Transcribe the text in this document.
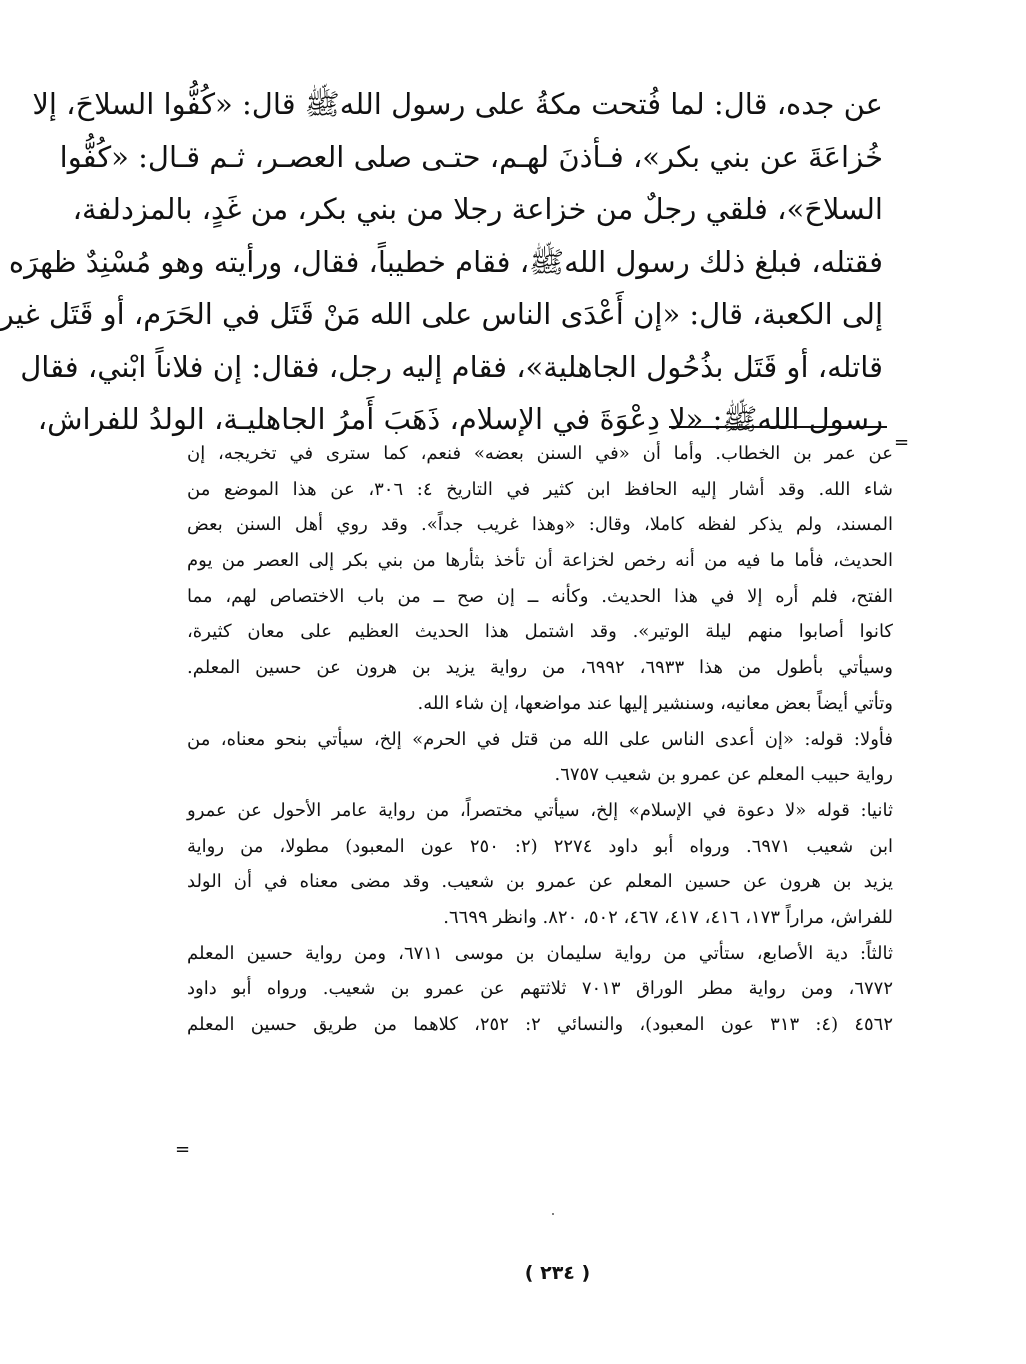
عن جده، قال: لما فُتحت مكةُ على رسول اللهﷺ قال: «كُفُّوا السلاحَ، إلا
خُزاعَةَ عن بني بكر»، فـأذنَ لهـم، حتـى صلى العصـر، ثـم قـال: «كُفُّوا
السلاحَ»، فلقي رجلٌ من خزاعة رجلا من بني بكر، من غَدٍ، بالمزدلفة،
فقتله، فبلغ ذلك رسول اللهﷺ، فقام خطيباً، فقال، ورأيته وهو مُسْنِدٌ ظهرَه
إلى الكعبة، قال: «إن أَعْدَى الناس على الله مَنْ قَتَل في الحَرَم، أو قَتَل غير
قاتله، أو قَتَل بذُحُول الجاهلية»، فقام إليه رجل، فقال: إن فلاناً ابْني، فقال
رسول اللهﷺ: «لا دِعْوَةَ في الإسلام، ذَهَبَ أَمرُ الجاهليـة، الولدُ للفراش،
=
عن عمر بن الخطاب. وأما أن «في السنن بعضه» فنعم، كما سترى في تخريجه، إن
شاء الله. وقد أشار إليه الحافظ ابن كثير في التاريخ ٤: ٣٠٦، عن هذا الموضع من
المسند، ولم يذكر لفظه كاملا، وقال: «وهذا غريب جداً». وقد روي أهل السنن بعض
الحديث، فأما ما فيه من أنه رخص لخزاعة أن تأخذ بثأرها من بني بكر إلى العصر من يوم
الفتح، فلم أره إلا في هذا الحديث. وكأنه ــ إن صح ــ من باب الاختصاص لهم، مما
كانوا أصابوا منهم ليلة الوتير». وقد اشتمل هذا الحديث العظيم على معان كثيرة،
وسيأتي بأطول من هذا ٦٩٣٣، ٦٩٩٢، من رواية يزيد بن هرون عن حسين المعلم.
وتأتي أيضاً بعض معانيه، وسنشير إليها عند مواضعها، إن شاء الله.
فأولا: قوله: «إن أعدى الناس على الله من قتل في الحرم» إلخ، سيأتي بنحو معناه، من
رواية حبيب المعلم عن عمرو بن شعيب ٦٧٥٧.
ثانيا: قوله «لا دعوة في الإسلام» إلخ، سيأتي مختصراً، من رواية عامر الأحول عن عمرو
ابن شعيب ٦٩٧١. ورواه أبو داود ٢٢٧٤ (٢: ٢٥٠ عون المعبود) مطولا، من رواية
يزيد بن هرون عن حسين المعلم عن عمرو بن شعيب. وقد مضى معناه في أن الولد
للفراش، مراراً ١٧٣، ٤١٦، ٤١٧، ٤٦٧، ٥٠٢، ٨٢٠. وانظر ٦٦٩٩.
ثالثاً: دية الأصابع، ستأتي من رواية سليمان بن موسى ٦٧١١، ومن رواية حسين المعلم
٦٧٧٢، ومن رواية مطر الوراق ٧٠١٣ ثلاثتهم عن عمرو بن شعيب. ورواه أبو داود
٤٥٦٢ (٤: ٣١٣ عون المعبود)، والنسائي ٢: ٢٥٢، كلاهما من طريق حسين المعلم
=
( ٢٣٤ )
